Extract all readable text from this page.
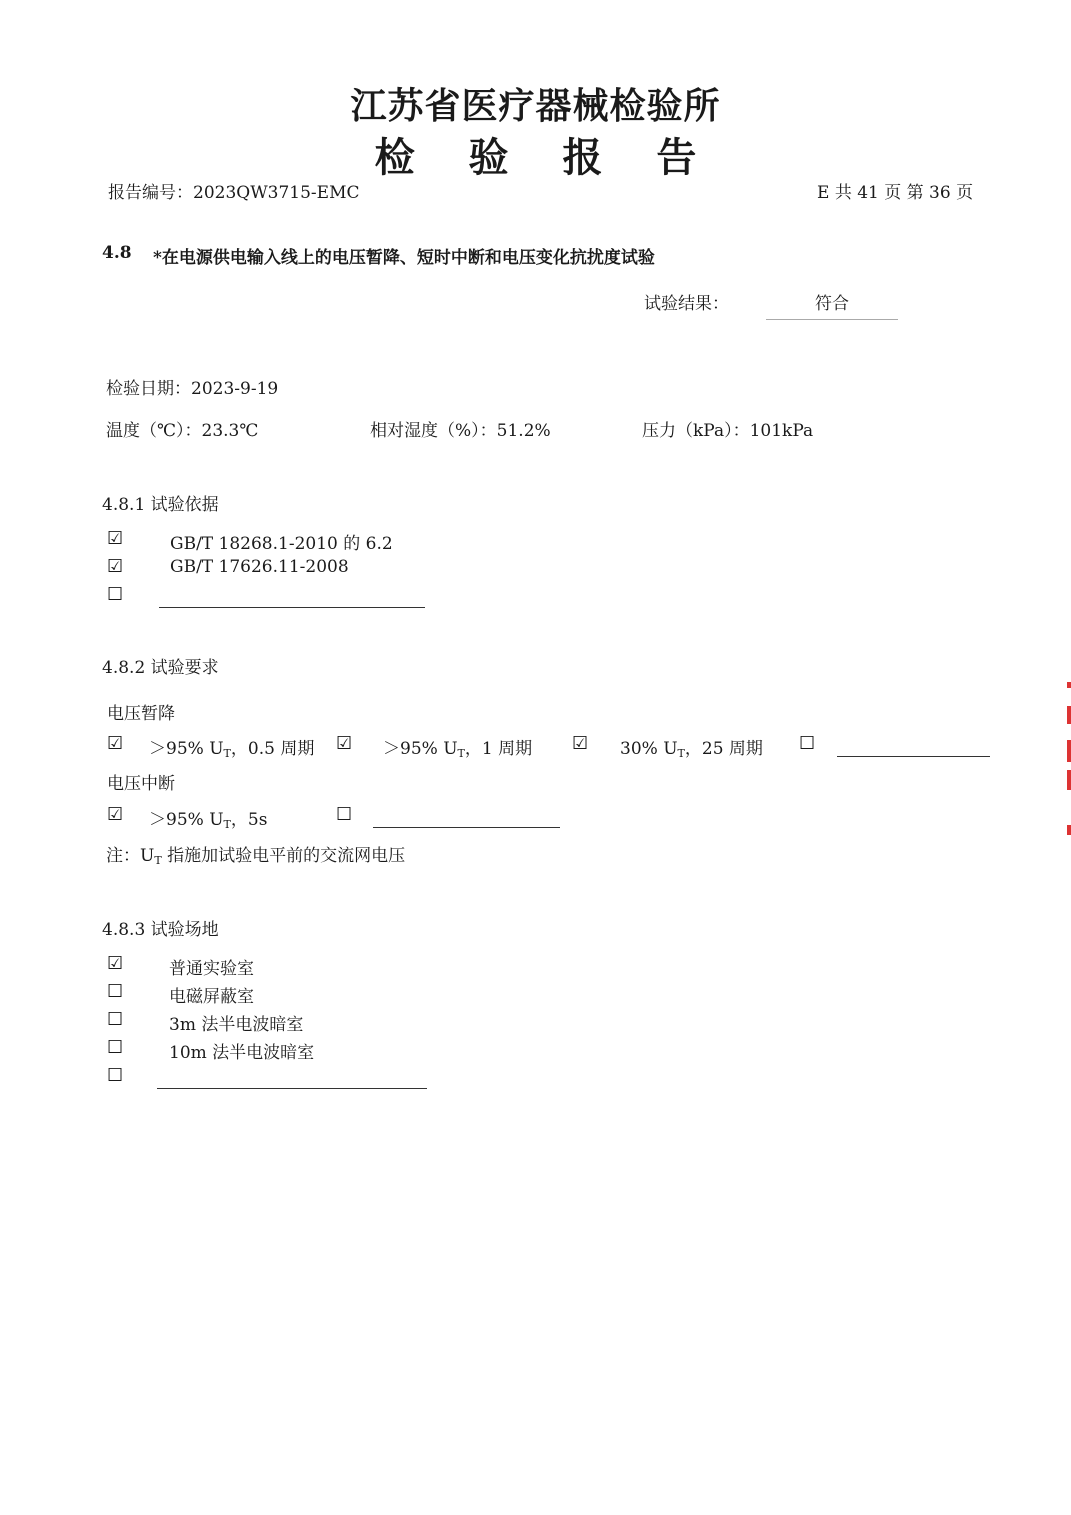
江苏省医疗器械检验所
检 验 报 告
报告编号：2023QW3715-EMC	E 共 41 页 第 36 页
4.8 *在电源供电输入线上的电压暂降、短时中断和电压变化抗扰度试验
试验结果：	符合
检验日期：2023-9-19
温度（℃）：23.3℃	相对湿度（%）：51.2%	压力（kPa）：101kPa
4.8.1 试验依据
☑	GB/T 18268.1-2010 的 6.2
☑	GB/T 17626.11-2008
☐
4.8.2 试验要求
电压暂降
☑ ＞95% $U_T$，0.5 周期 ☑ ＞95% $U_T$，1 周期 ☑ 30% $U_T$，25 周期 ☐
电压中断
☑ ＞95% $U_T$，5s	☐
注：$U_T$ 指施加试验电平前的交流网电压
4.8.3 试验场地
☑	普通实验室
☐	电磁屏蔽室
☐	3m 法半电波暗室
☐	10m 法半电波暗室
☐
